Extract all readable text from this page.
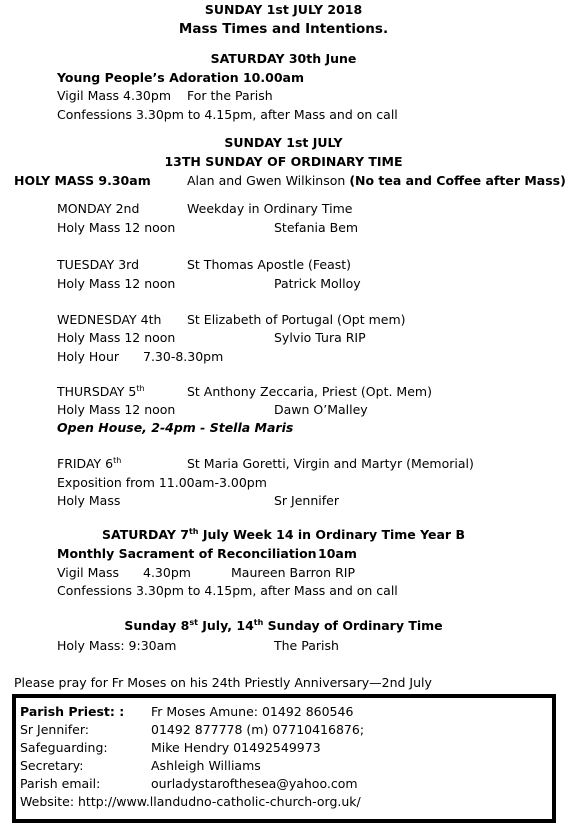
SUNDAY 1st JULY 2018
Mass Times and Intentions.
SATURDAY 30th June
Young People’s Adoration 10.00am
Vigil Mass 4.30pm For the Parish
Confessions 3.30pm to 4.15pm, after Mass and on call
SUNDAY 1st JULY
13TH SUNDAY OF ORDINARY TIME
HOLY MASS 9.30am	Alan and Gwen Wilkinson (No tea and Coffee after Mass)
MONDAY 2nd	Weekday in Ordinary Time
Holy Mass 12 noon	Stefania Bem
TUESDAY 3rd	St Thomas Apostle (Feast)
Holy Mass 12 noon	Patrick Molloy
WEDNESDAY 4th St Elizabeth of Portugal (Opt mem)
Holy Mass 12 noon	Sylvio Tura RIP
Holy Hour 7.30-8.30pm
THURSDAY 5th	St Anthony Zeccaria, Priest (Opt. Mem)
Holy Mass 12 noon	Dawn O’Malley
Open House, 2-4pm - Stella Maris
FRIDAY 6th	St Maria Goretti, Virgin and Martyr (Memorial)
Exposition from 11.00am-3.00pm
Holy Mass	Sr Jennifer
SATURDAY 7th July Week 14 in Ordinary Time Year B
Monthly Sacrament of Reconciliation 10am
Vigil Mass 4.30pm	Maureen Barron RIP
Confessions 3.30pm to 4.15pm, after Mass and on call
Sunday 8st July, 14th Sunday of Ordinary Time
Holy Mass: 9:30am	The Parish
Please pray for Fr Moses on his 24th Priestly Anniversary—2nd July
Parish Priest: : Fr Moses Amune: 01492 860546
Sr Jennifer:	01492 877778 (m) 07710416876;
Safeguarding:	Mike Hendry 01492549973
Secretary:	Ashleigh Williams
Parish email:	ourladystarofthesea@yahoo.com
Website: http://www.llandudno-catholic-church-org.uk/
